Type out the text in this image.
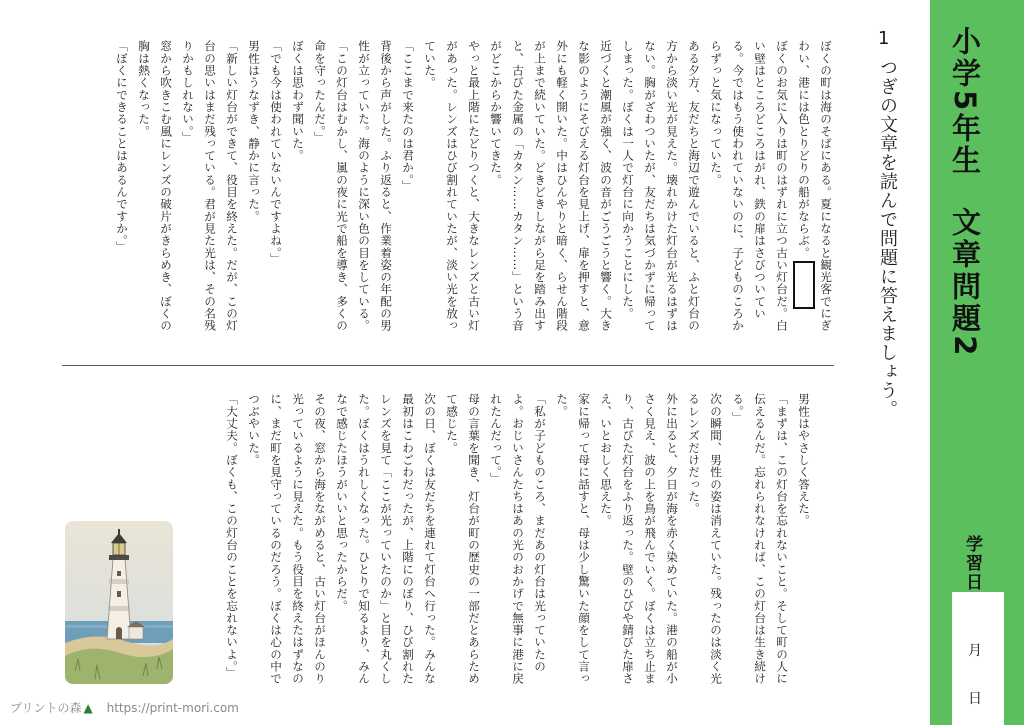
小学5年生文章問題2
学習日
月
日
1
つぎの文章を読んで問題に答えましょう。

ぼくの町は海のそばにある。夏になると観光客でにぎわい、港には色とりどりの船がならぶ。

ぼくのお気に入りは町のはずれに立つ古い灯台だ。白い壁はところどころはがれ、鉄の扉はさびついている。今ではもう使われていないのに、子どものころからずっと気になっていた。

ある夕方、友だちと海辺で遊んでいると、ふと灯台の方から淡い光が見えた。壊れかけた灯台が光るはずはない。胸がざわついたが、友だちは気づかずに帰ってしまった。ぼくは一人で灯台に向かうことにした。

近づくと潮風が強く、波の音がごうごうと響く。大きな影のようにそびえる灯台を見上げ、扉を押すと、意外にも軽く開いた。中はひんやりと暗く、らせん階段が上まで続いていた。どきどきしながら足を踏み出すと、古びた金属の「カタン……カタン……」という音がどこからか響いてきた。

やっと最上階にたどりつくと、大きなレンズと古い灯があった。レンズはひび割れていたが、淡い光を放っていた。

「ここまで来たのは君か。」

背後から声がした。ふり返ると、作業着姿の年配の男性が立っていた。海のように深い色の目をしている。

「この灯台はむかし、嵐の夜に光で船を導き、多くの命を守ったんだ。」

ぼくは思わず聞いた。

「でも今は使われていないんですよね。」

男性はうなずき、静かに言った。

「新しい灯台ができて、役目を終えた。だが、この灯台の思いはまだ残っている。君が見た光は、その名残りかもしれない。」

窓から吹きこむ風にレンズの破片がきらめき、ぼくの胸は熱くなった。

「ぼくにできることはあるんですか。」

男性はやさしく答えた。

「まずは、この灯台を忘れないこと。そして町の人に伝えるんだ。忘れられなければ、この灯台は生き続ける。」

次の瞬間、男性の姿は消えていた。残ったのは淡く光るレンズだけだった。

外に出ると、夕日が海を赤く染めていた。港の船が小さく見え、波の上を鳥が飛んでいく。ぼくは立ち止まり、古びた灯台をふり返った。壁のひびや錆びた扉さえ、いとおしく思えた。

家に帰って母に話すと、母は少し驚いた顔をして言った。

「私が子どものころ、まだあの灯台は光っていたのよ。おじいさんたちはあの光のおかげで無事に港に戻れたんだって。」

母の言葉を聞き、灯台が町の歴史の一部だとあらためて感じた。

次の日、ぼくは友だちを連れて灯台へ行った。みんな最初はこわごわだったが、上階にのぼり、ひび割れたレンズを見て「ここが光っていたのか」と目を丸くした。ぼくはうれしくなった。ひとりで知るより、みんなで感じたほうがいいと思ったからだ。

その夜、窓から海をながめると、古い灯台がほんのり光っているように見えた。もう役目を終えたはずなのに、まだ町を見守っているのだろう。ぼくは心の中でつぶやいた。

「大丈夫。ぼくも、この灯台のことを忘れないよ。」

プリントの森 ▲ https://print-mori.com
